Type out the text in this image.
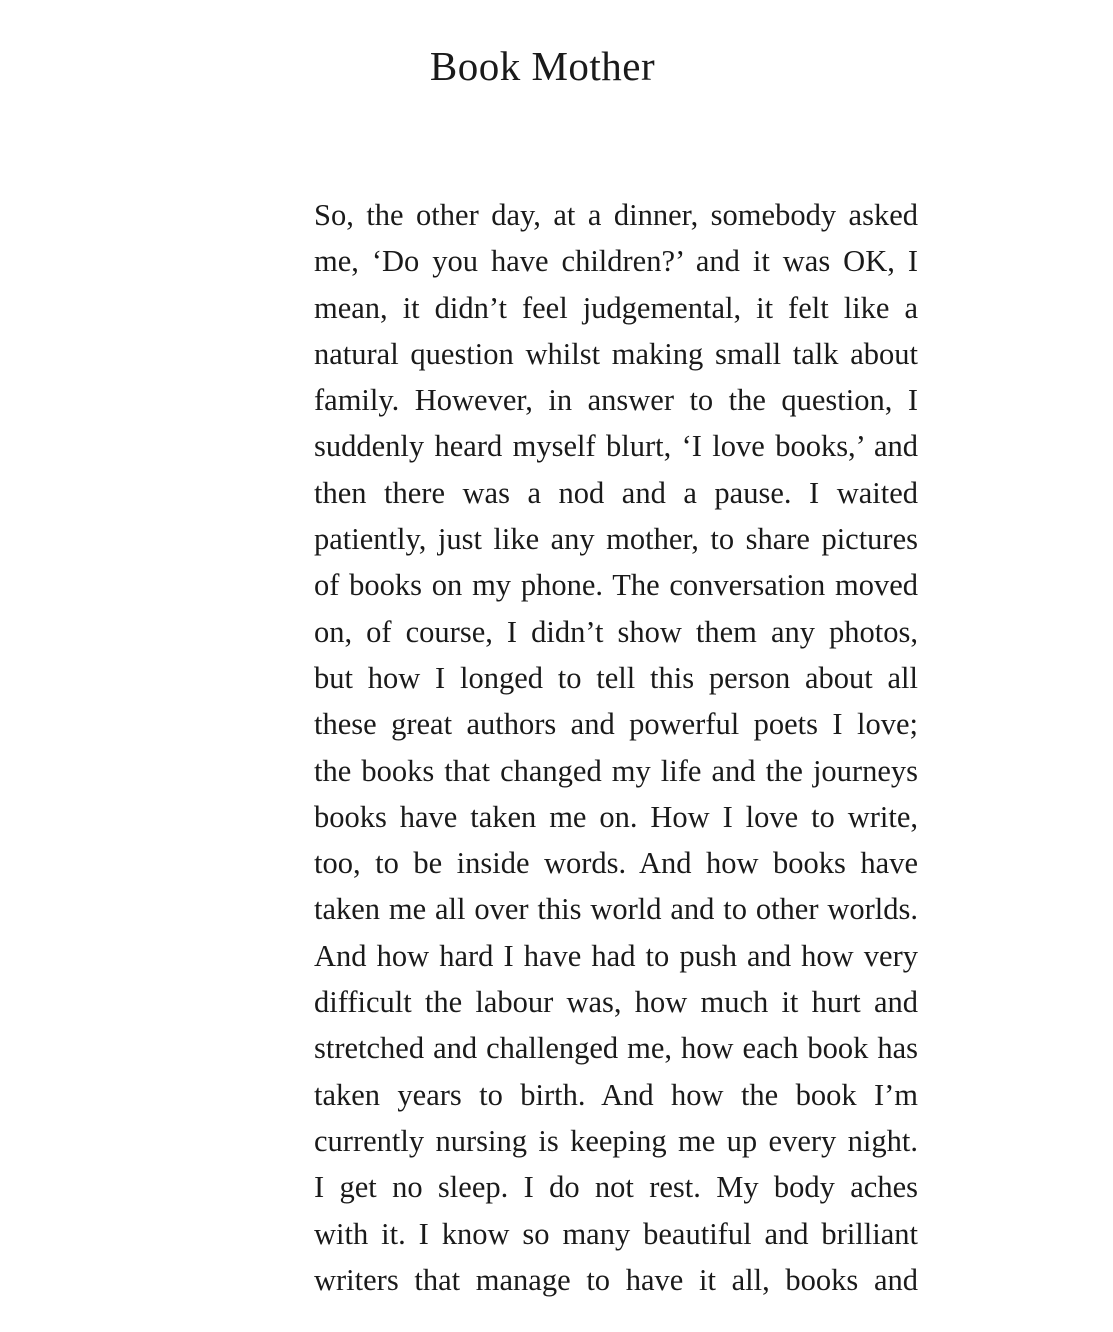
Book Mother
So, the other day, at a dinner, somebody asked
me, ‘Do you have children?’ and it was OK, I
mean, it didn’t feel judgemental, it felt like a
natural question whilst making small talk about
family. However, in answer to the question, I
suddenly heard myself blurt, ‘I love books,’ and
then there was a nod and a pause. I waited
patiently, just like any mother, to share pictures
of books on my phone. The conversation moved
on, of course, I didn’t show them any photos,
but how I longed to tell this person about all
these great authors and powerful poets I love;
the books that changed my life and the journeys
books have taken me on. How I love to write,
too, to be inside words. And how books have
taken me all over this world and to other worlds.
And how hard I have had to push and how very
difficult the labour was, how much it hurt and
stretched and challenged me, how each book has
taken years to birth. And how the book I’m
currently nursing is keeping me up every night.
I get no sleep. I do not rest. My body aches
with it. I know so many beautiful and brilliant
writers that manage to have it all, books and
